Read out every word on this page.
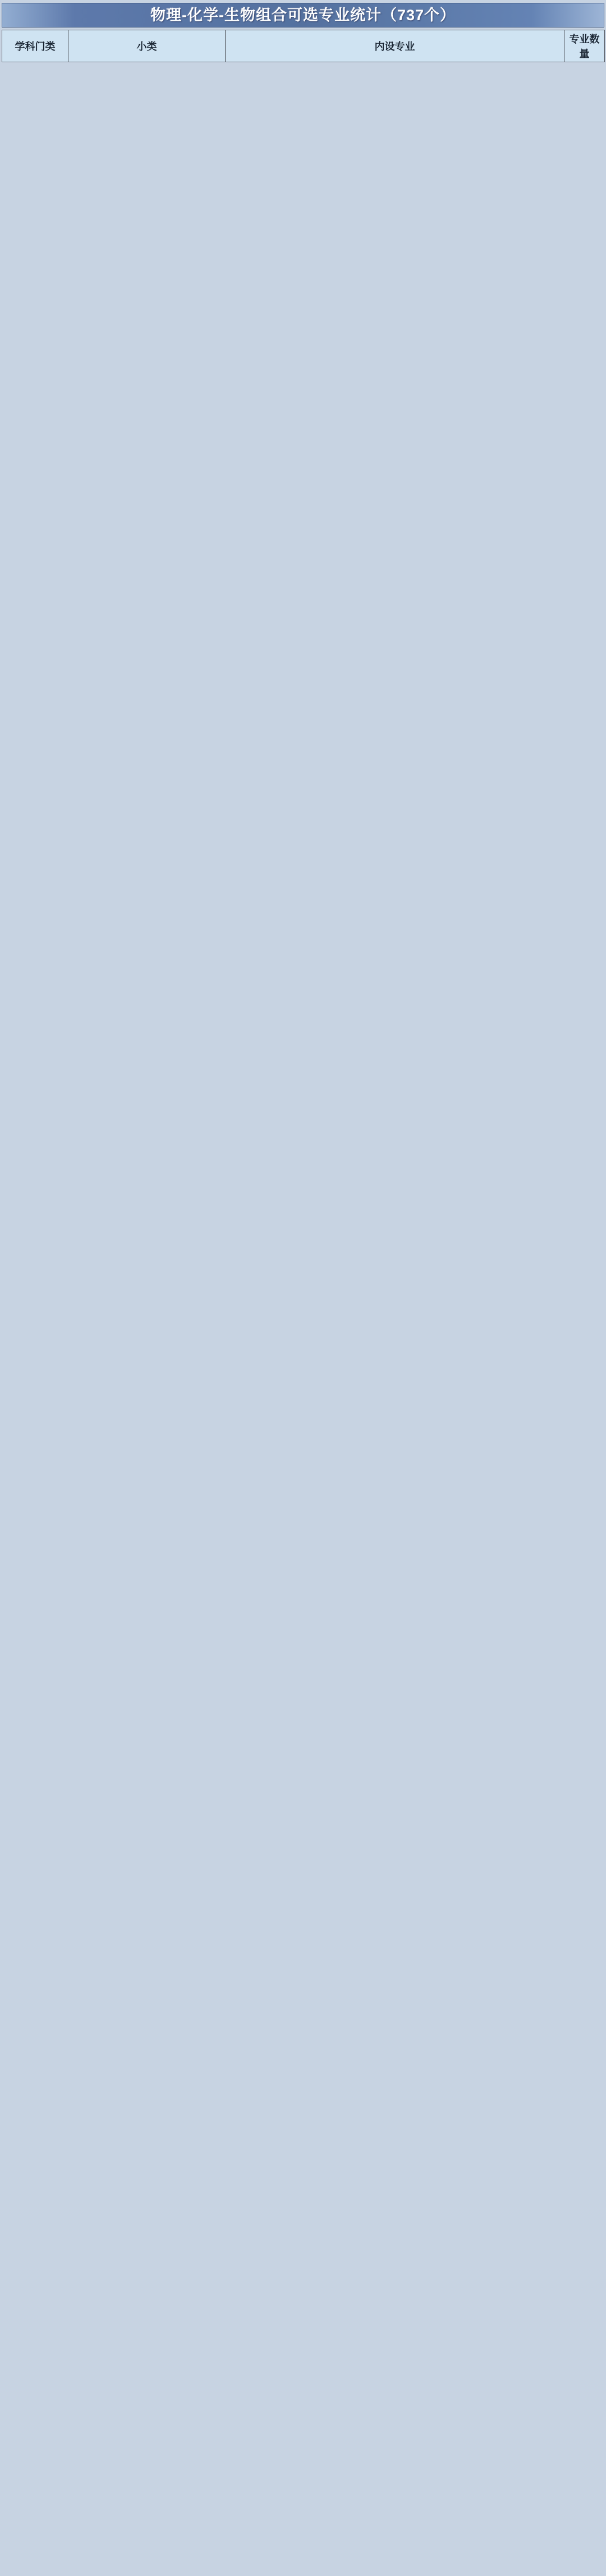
物理-化学-生物组合可选专业统计（737个）
学科门类	小类	内设专业	专业数量
